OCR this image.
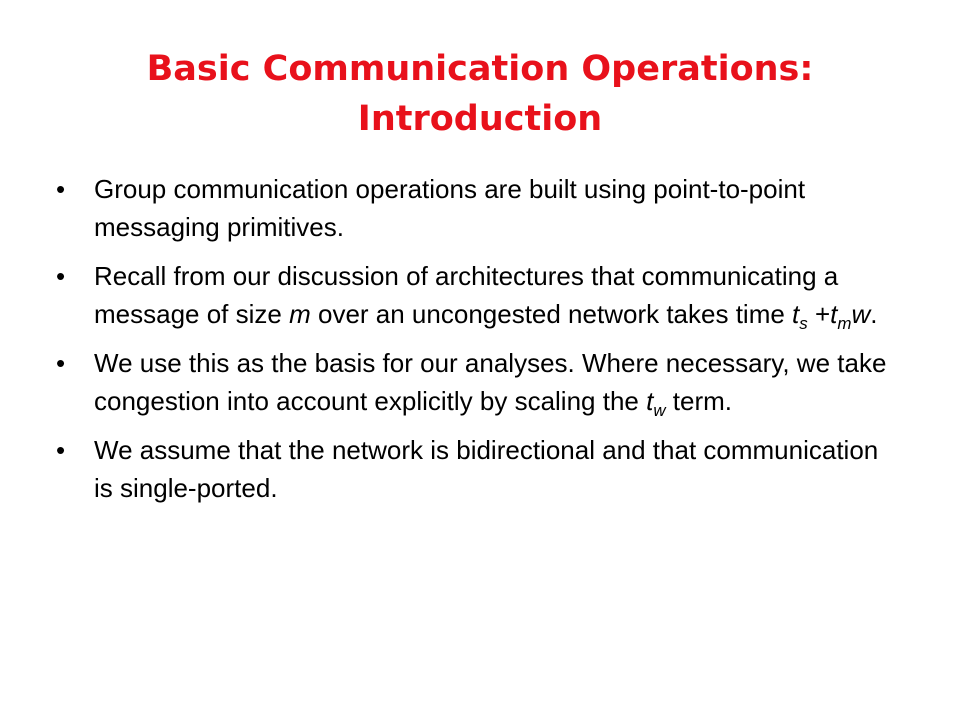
Basic Communication Operations:
Introduction
• Group communication operations are built using point-to-point messaging primitives.
• Recall from our discussion of architectures that communicating a message of size m over an uncongested network takes time $t_s +t_mw$.
• We use this as the basis for our analyses. Where necessary, we take congestion into account explicitly by scaling the $t_w$ term.
• We assume that the network is bidirectional and that communication is single-ported.
